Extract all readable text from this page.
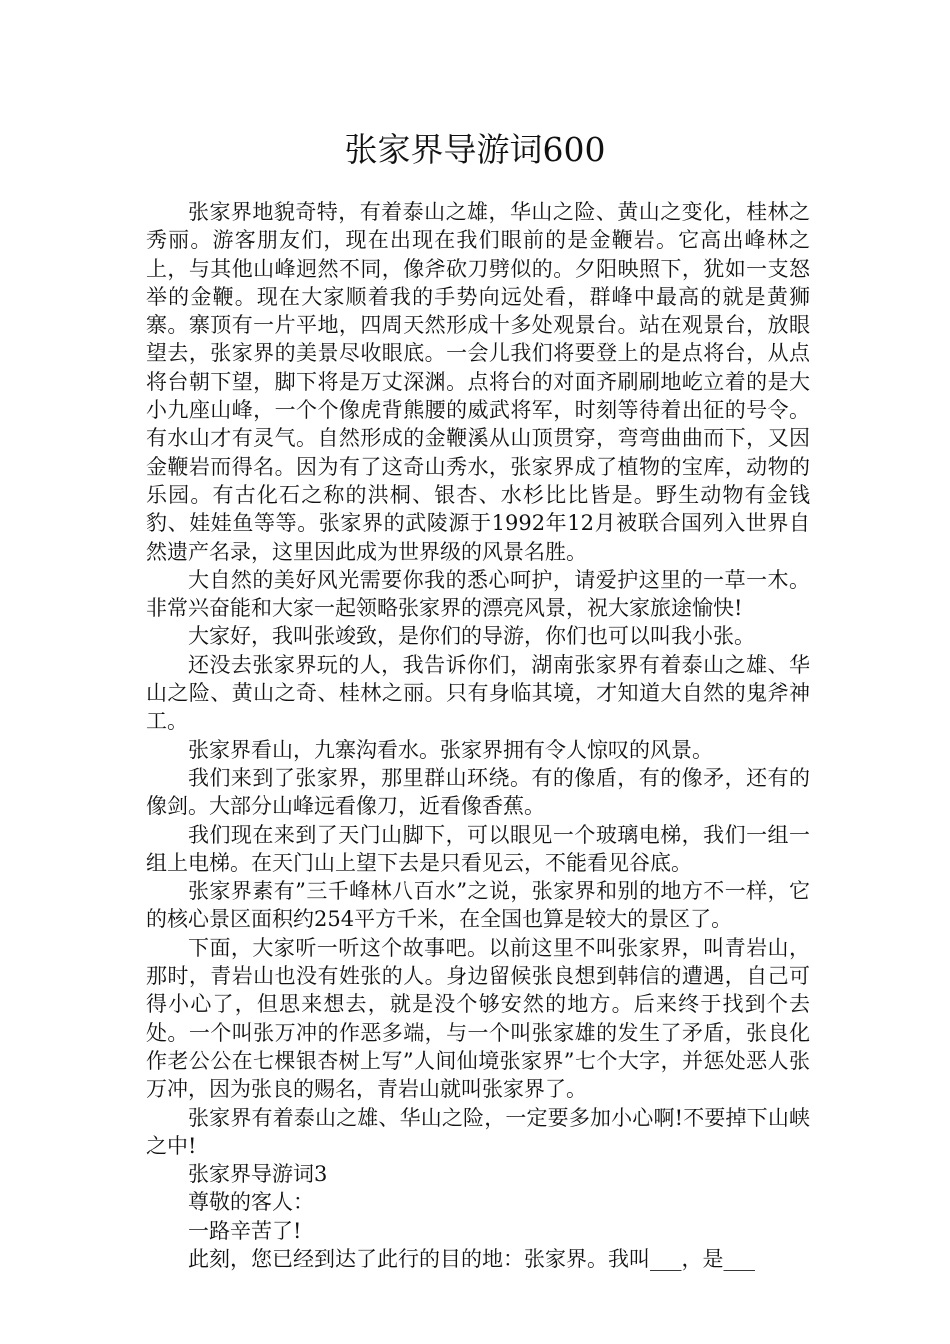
张家界导游词600

张家界地貌奇特，有着泰山之雄，华山之险、黄山之变化，桂林之秀丽。游客朋友们，现在出现在我们眼前的是金鞭岩。它高出峰林之上，与其他山峰迥然不同，像斧砍刀劈似的。夕阳映照下，犹如一支怒举的金鞭。现在大家顺着我的手势向远处看，群峰中最高的就是黄狮寨。寨顶有一片平地，四周天然形成十多处观景台。站在观景台，放眼望去，张家界的美景尽收眼底。一会儿我们将要登上的是点将台，从点将台朝下望，脚下将是万丈深渊。点将台的对面齐刷刷地屹立着的是大小九座山峰，一个个像虎背熊腰的威武将军，时刻等待着出征的号令。有水山才有灵气。自然形成的金鞭溪从山顶贯穿，弯弯曲曲而下，又因金鞭岩而得名。因为有了这奇山秀水，张家界成了植物的宝库，动物的乐园。有古化石之称的洪桐、银杏、水杉比比皆是。野生动物有金钱豹、娃娃鱼等等。张家界的武陵源于1992年12月被联合国列入世界自然遗产名录，这里因此成为世界级的风景名胜。

大自然的美好风光需要你我的悉心呵护，请爱护这里的一草一木。非常兴奋能和大家一起领略张家界的漂亮风景，祝大家旅途愉快!

大家好，我叫张竣致，是你们的导游，你们也可以叫我小张。

还没去张家界玩的人，我告诉你们，湖南张家界有着泰山之雄、华山之险、黄山之奇、桂林之丽。只有身临其境，才知道大自然的鬼斧神工。

张家界看山，九寨沟看水。张家界拥有令人惊叹的风景。

我们来到了张家界，那里群山环绕。有的像盾，有的像矛，还有的像剑。大部分山峰远看像刀，近看像香蕉。

我们现在来到了天门山脚下，可以眼见一个玻璃电梯，我们一组一组上电梯。在天门山上望下去是只看见云，不能看见谷底。

张家界素有”三千峰林八百水”之说，张家界和别的地方不一样，它的核心景区面积约254平方千米，在全国也算是较大的景区了。

下面，大家听一听这个故事吧。以前这里不叫张家界，叫青岩山，那时，青岩山也没有姓张的人。身边留候张良想到韩信的遭遇，自己可得小心了，但思来想去，就是没个够安然的地方。后来终于找到个去处。一个叫张万冲的作恶多端，与一个叫张家雄的发生了矛盾，张良化作老公公在七棵银杏树上写”人间仙境张家界”七个大字，并惩处恶人张万冲，因为张良的赐名，青岩山就叫张家界了。

张家界有着泰山之雄、华山之险，一定要多加小心啊!不要掉下山峡之中!

张家界导游词3

尊敬的客人：

一路辛苦了!

此刻，您已经到达了此行的目的地：张家界。我叫___，是___
